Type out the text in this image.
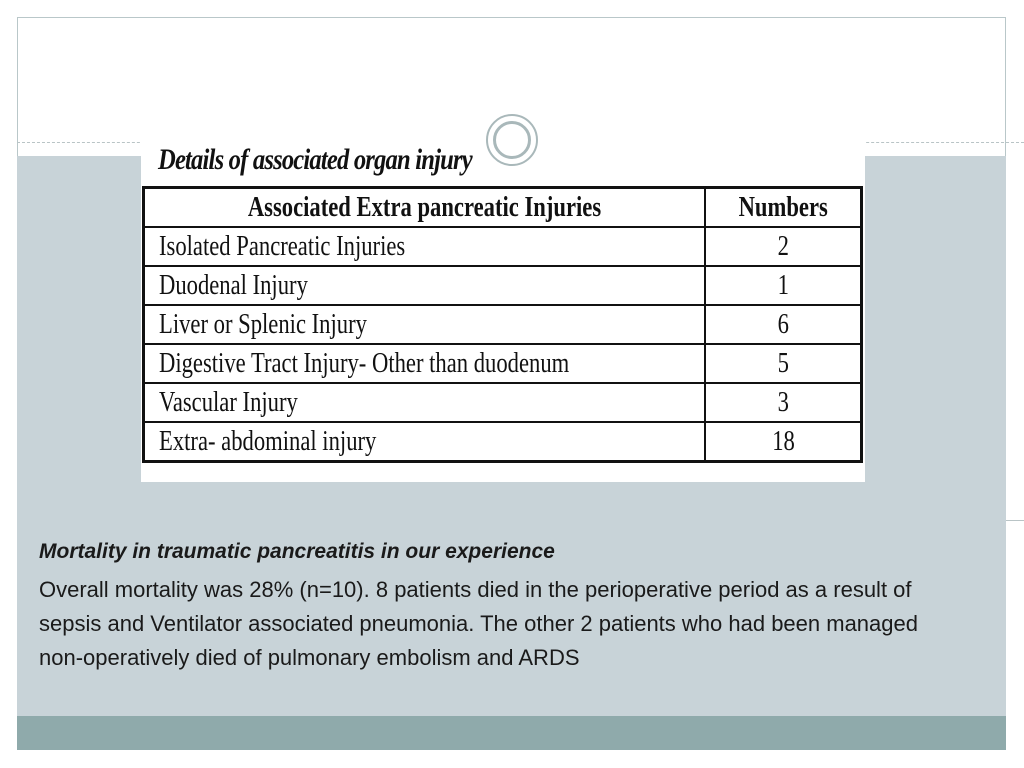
Details of associated organ injury
Associated Extra pancreatic Injuries	Numbers
Isolated Pancreatic Injuries	2
Duodenal Injury	1
Liver or Splenic Injury	6
Digestive Tract Injury- Other than duodenum	5
Vascular Injury	3
Extra- abdominal injury	18
Mortality in traumatic pancreatitis in our experience

Overall mortality was 28% (n=10). 8 patients died in the perioperative period as a result of sepsis and Ventilator associated pneumonia. The other 2 patients who had been managed non-operatively died of pulmonary embolism and ARDS
